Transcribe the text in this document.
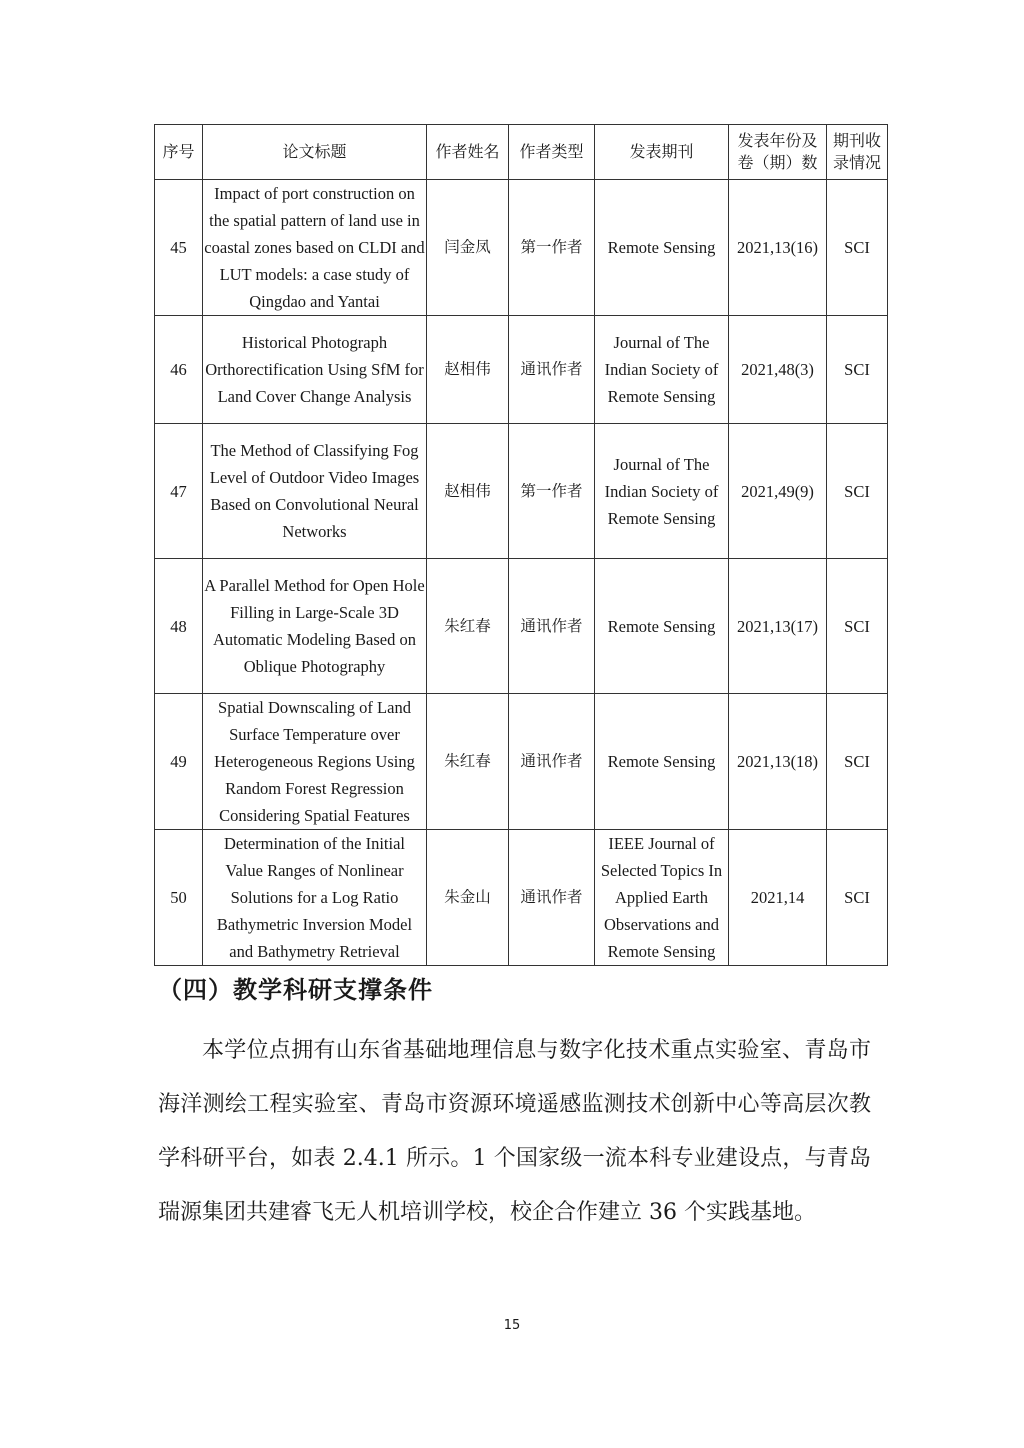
序号	论文标题	作者姓名	作者类型	发表期刊	发表年份及卷（期）数	期刊收录情况
45	Impact of port construction on the spatial pattern of land use in coastal zones based on CLDI and LUT models: a case study of Qingdao and Yantai	闫金凤	第一作者	Remote Sensing	2021,13(16)	SCI
46	Historical Photograph Orthorectification Using SfM for Land Cover Change Analysis	赵相伟	通讯作者	Journal of The Indian Society of Remote Sensing	2021,48(3)	SCI
47	The Method of Classifying Fog Level of Outdoor Video Images Based on Convolutional Neural Networks	赵相伟	第一作者	Journal of The Indian Society of Remote Sensing	2021,49(9)	SCI
48	A Parallel Method for Open Hole Filling in Large-Scale 3D Automatic Modeling Based on Oblique Photography	朱红春	通讯作者	Remote Sensing	2021,13(17)	SCI
49	Spatial Downscaling of Land Surface Temperature over Heterogeneous Regions Using Random Forest Regression Considering Spatial Features	朱红春	通讯作者	Remote Sensing	2021,13(18)	SCI
50	Determination of the Initial Value Ranges of Nonlinear Solutions for a Log Ratio Bathymetric Inversion Model and Bathymetry Retrieval	朱金山	通讯作者	IEEE Journal of Selected Topics In Applied Earth Observations and Remote Sensing	2021,14	SCI
（四）教学科研支撑条件

本学位点拥有山东省基础地理信息与数字化技术重点实验室、青岛市海洋测绘工程实验室、青岛市资源环境遥感监测技术创新中心等高层次教学科研平台，如表 2.4.1 所示。1 个国家级一流本科专业建设点，与青岛瑞源集团共建睿飞无人机培训学校，校企合作建立 36 个实践基地。

15
